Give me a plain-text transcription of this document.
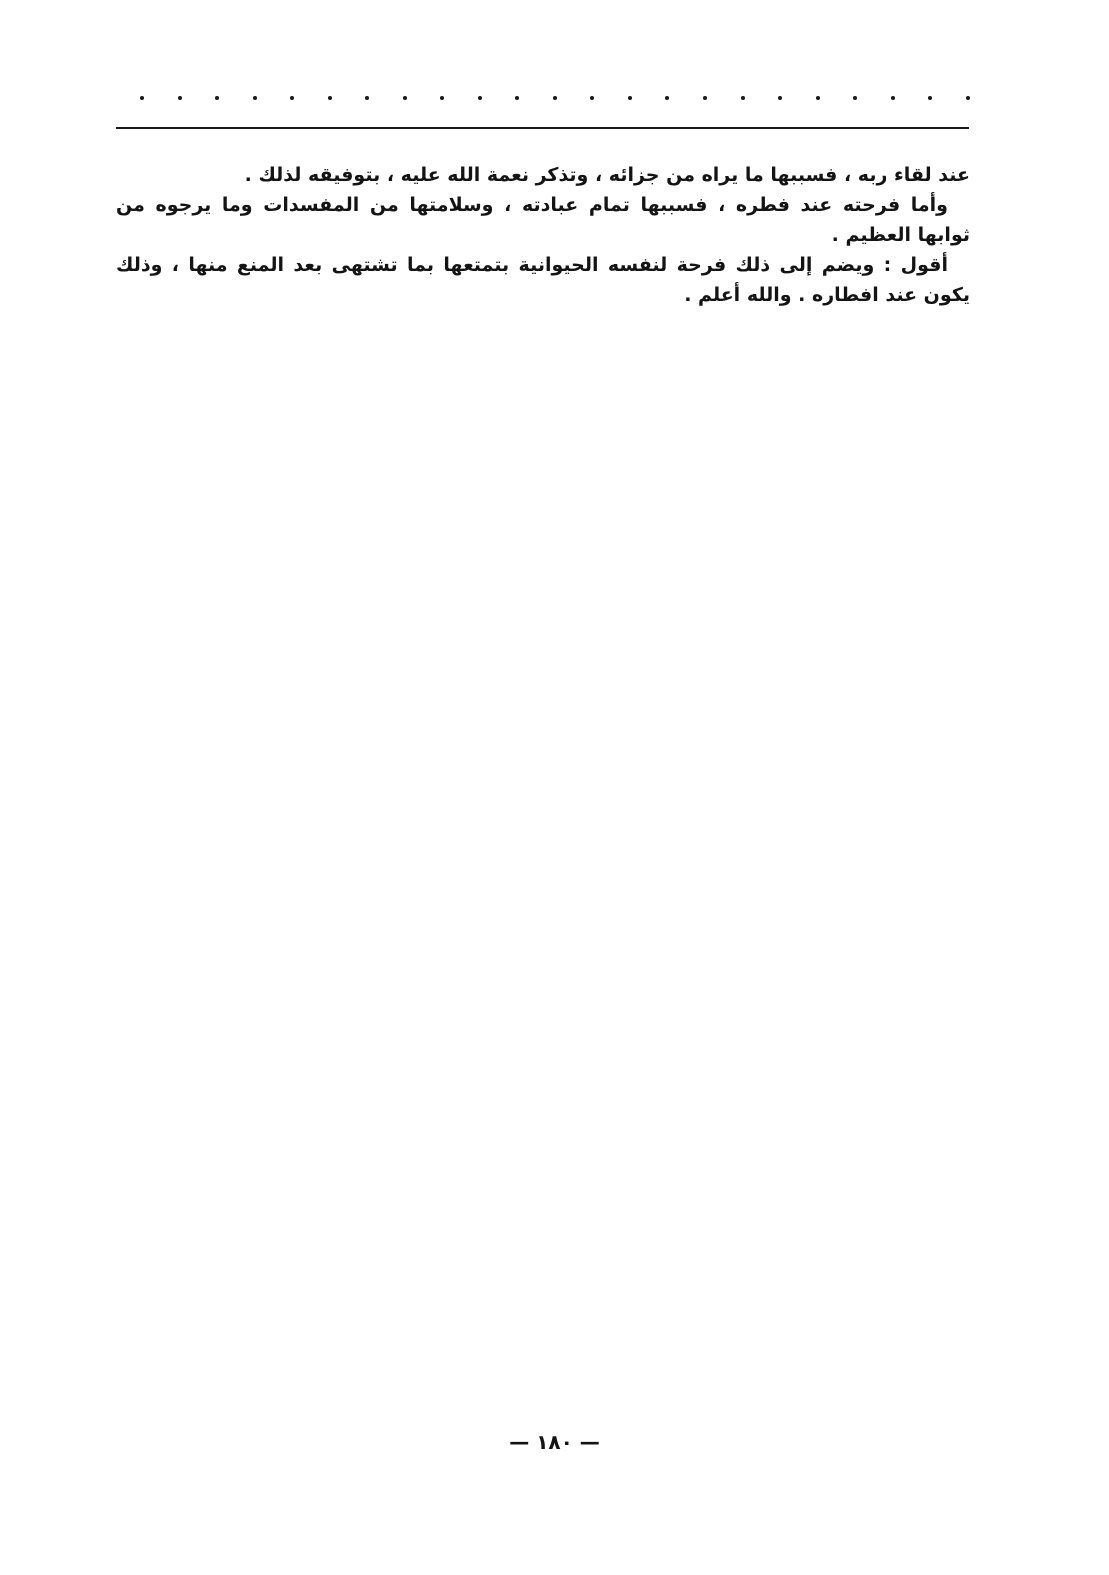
عند لقاء ربه ، فسببها ما يراه من جزائه ، وتذكر نعمة الله عليه ، بتوفيقه لذلك .

وأما فرحته عند فطره ، فسببها تمام عبادته ، وسلامتها من المفسدات وما يرجوه من ثوابها العظيم .

أقول : ويضم إلى ذلك فرحة لنفسه الحيوانية بتمتعها بما تشتهى بعد المنع منها ، وذلك يكون عند افطاره . والله أعلم .

— ١٨٠ —
